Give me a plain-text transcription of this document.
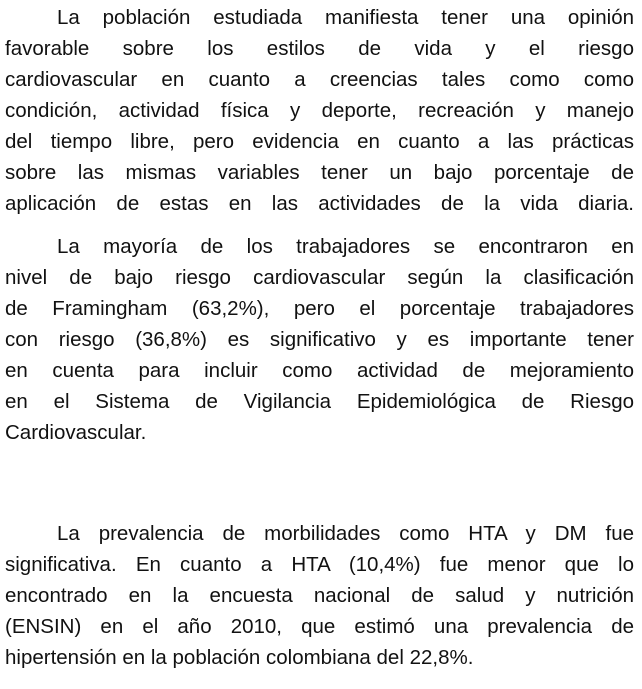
La población estudiada manifiesta tener una opinión
favorable sobre los estilos de vida y el riesgo
cardiovascular en cuanto a creencias tales como como
condición, actividad física y deporte, recreación y manejo
del tiempo libre, pero evidencia en cuanto a las prácticas
sobre las mismas variables tener un bajo porcentaje de
aplicación de estas en las actividades de la vida diaria.
La mayoría de los trabajadores se encontraron en
nivel de bajo riesgo cardiovascular según la clasificación
de Framingham (63,2%), pero el porcentaje trabajadores
con riesgo (36,8%) es significativo y es importante tener
en cuenta para incluir como actividad de mejoramiento
en el Sistema de Vigilancia Epidemiológica de Riesgo
Cardiovascular.
La prevalencia de morbilidades como HTA y DM fue
significativa. En cuanto a HTA (10,4%) fue menor que lo
encontrado en la encuesta nacional de salud y nutrición
(ENSIN) en el año 2010, que estimó una prevalencia de
hipertensión en la población colombiana del 22,8%.
